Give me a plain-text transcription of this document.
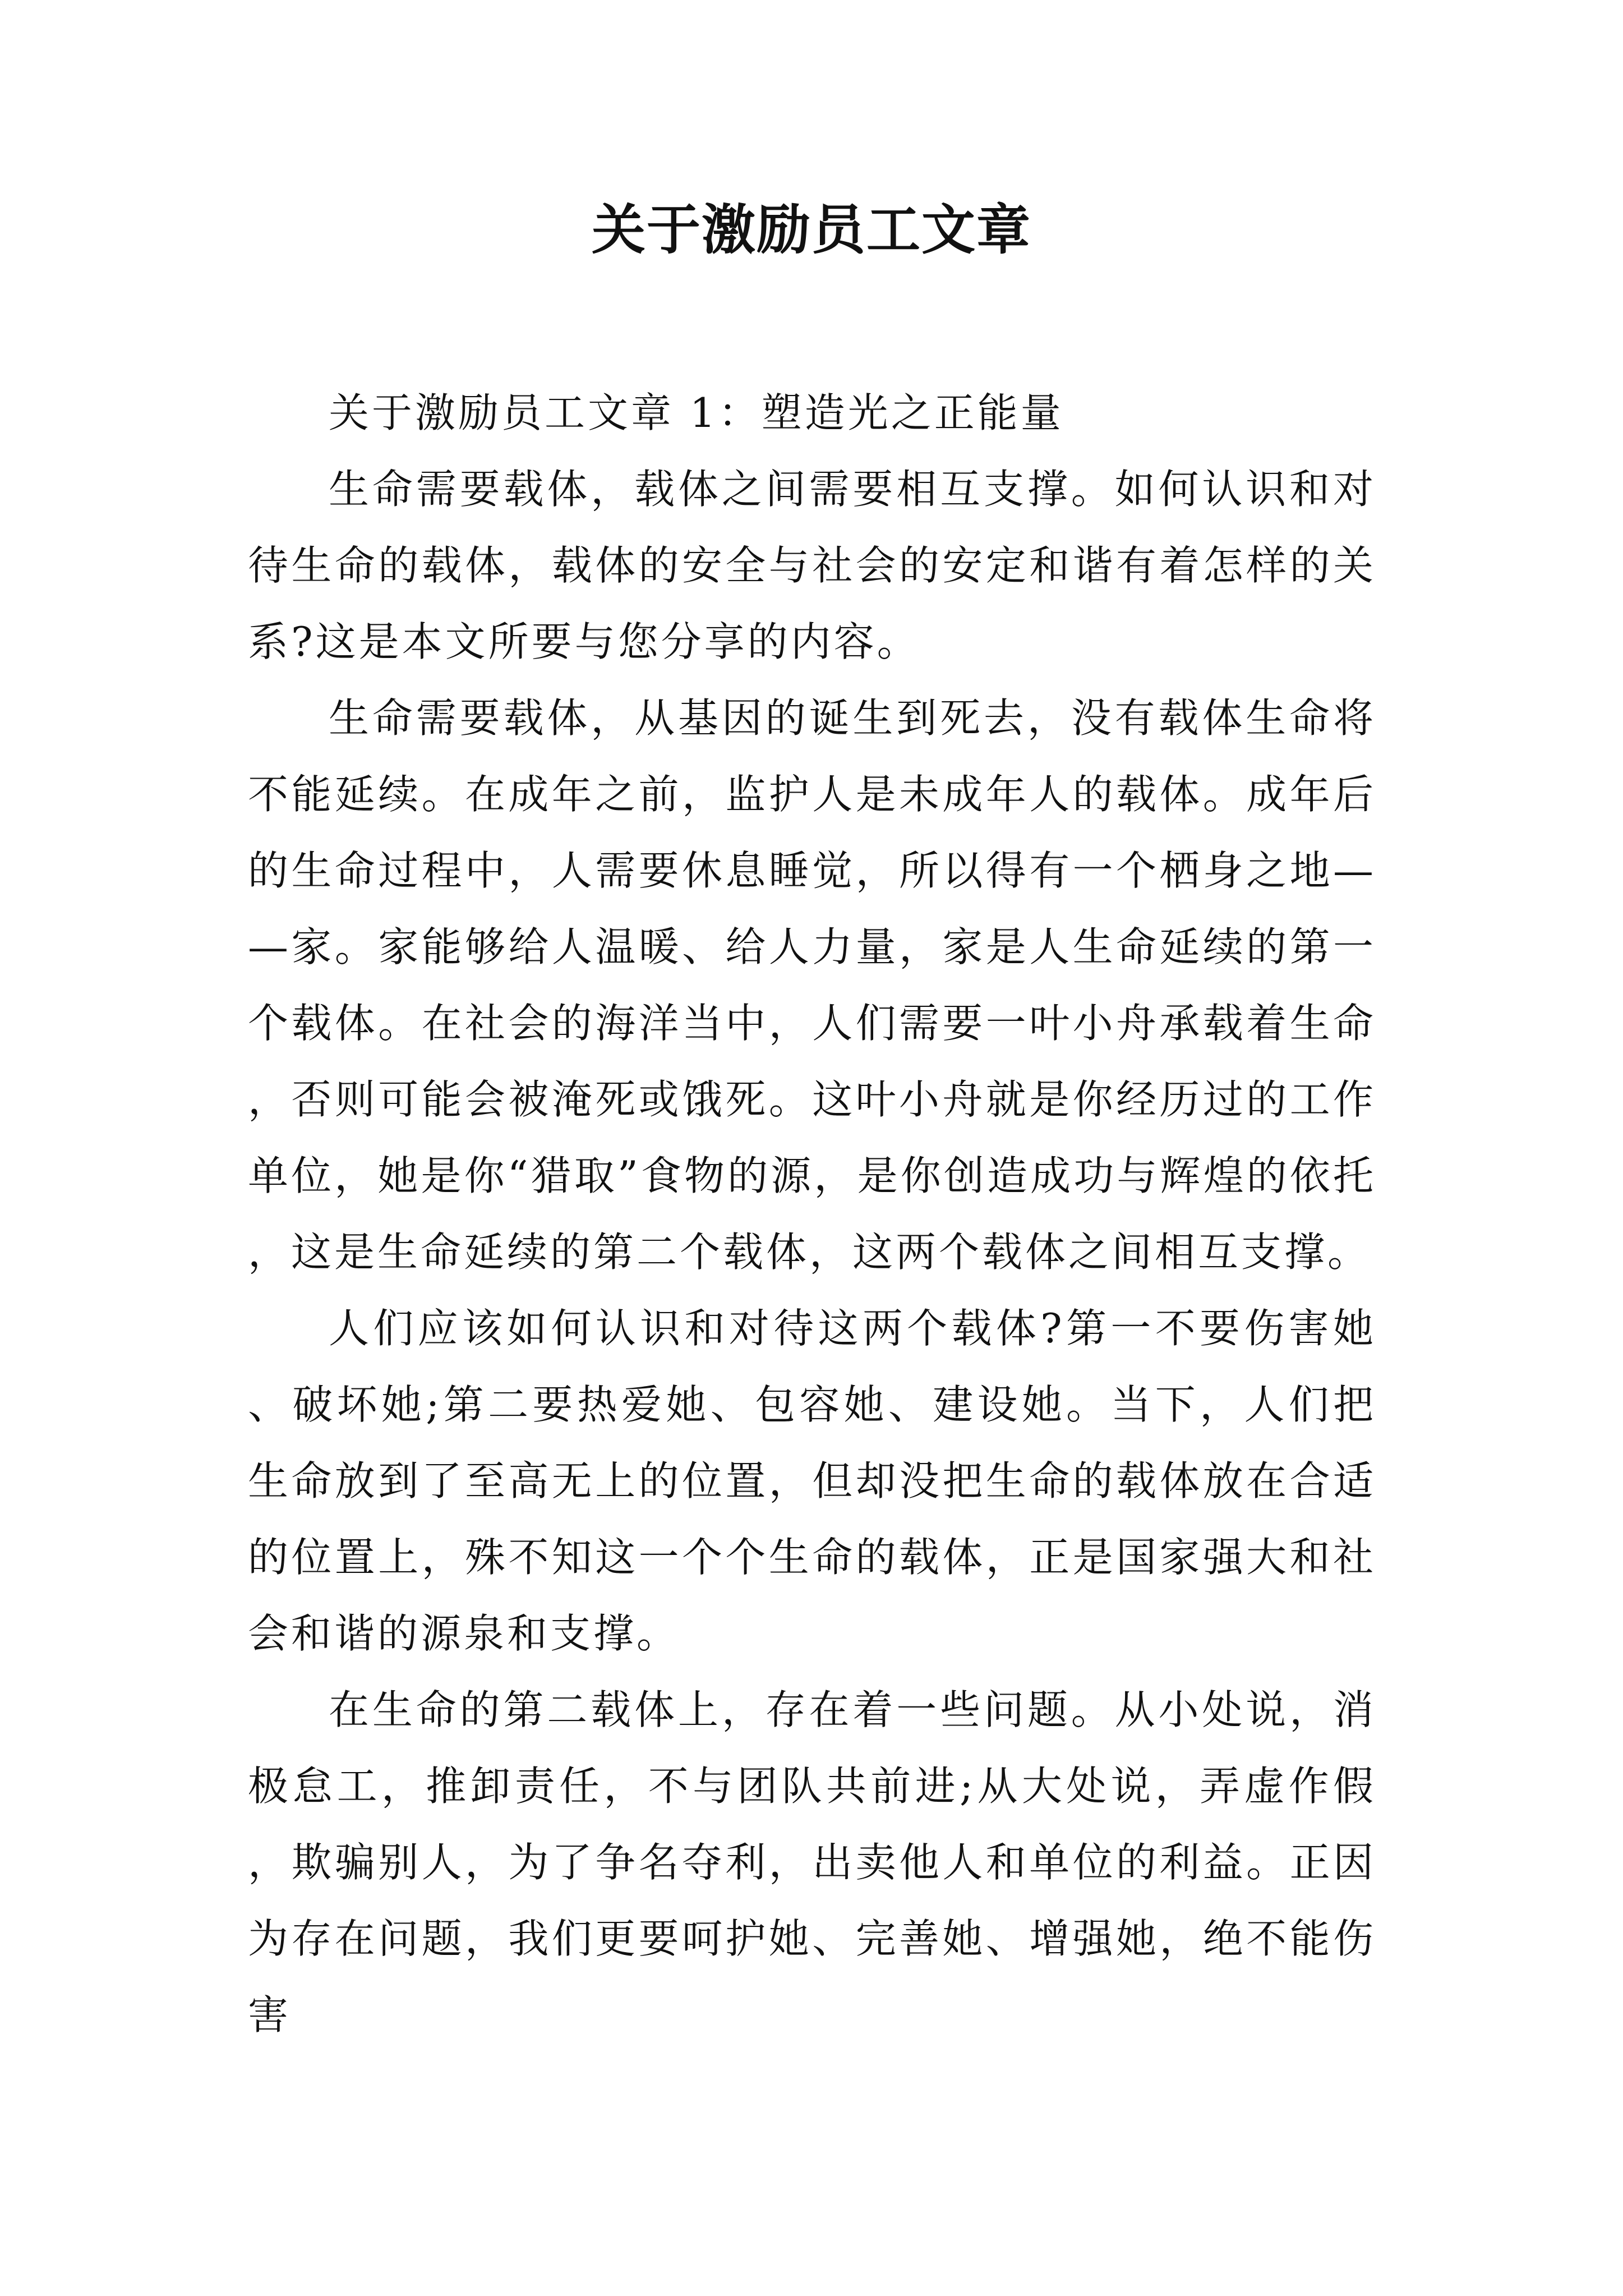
关于激励员工文章

关于激励员工文章 1：塑造光之正能量

生命需要载体，载体之间需要相互支撑。如何认识和对待生命的载体，载体的安全与社会的安定和谐有着怎样的关系?这是本文所要与您分享的内容。

生命需要载体，从基因的诞生到死去，没有载体生命将不能延续。在成年之前，监护人是未成年人的载体。成年后的生命过程中，人需要休息睡觉，所以得有一个栖身之地——家。家能够给人温暖、给人力量，家是人生命延续的第一个载体。在社会的海洋当中，人们需要一叶小舟承载着生命，否则可能会被淹死或饿死。这叶小舟就是你经历过的工作单位，她是你“猎取”食物的源，是你创造成功与辉煌的依托，这是生命延续的第二个载体，这两个载体之间相互支撑。

人们应该如何认识和对待这两个载体?第一不要伤害她、破坏她;第二要热爱她、包容她、建设她。当下，人们把生命放到了至高无上的位置，但却没把生命的载体放在合适的位置上，殊不知这一个个生命的载体，正是国家强大和社会和谐的源泉和支撑。

在生命的第二载体上，存在着一些问题。从小处说，消极怠工，推卸责任，不与团队共前进;从大处说，弄虚作假，欺骗别人，为了争名夺利，出卖他人和单位的利益。正因为存在问题，我们更要呵护她、完善她、增强她，绝不能伤害
